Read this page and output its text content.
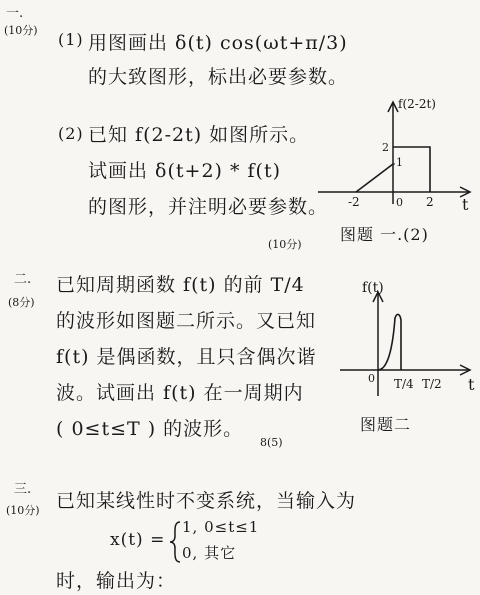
一.
(10分) (1) 用图画出 δ(t) cos(ωt+π/3)
的大致图形，标出必要参数。
(2) 已知 f(2-2t) 如图所示。
试画出 δ(t+2) * f(t)
的图形，并注明必要参数。
(10分)
f(2-2t)
t
-2	0 2
2
1
图题 一.(2)
二.
(8分)
已知周期函数 f(t) 的前 T/4
的波形如图题二所示。又已知
f(t) 是偶函数，且只含偶次谐
波。试画出 f(t) 在一周期内
( 0≤t≤T ) 的波形。
8(5)
f(t)
t
0 T/4 T/2
图题二
三.
(10分) 已知某线性时不变系统，当输入为
x(t) =
1, 0≤t≤1
0, 其它
时，输出为：
